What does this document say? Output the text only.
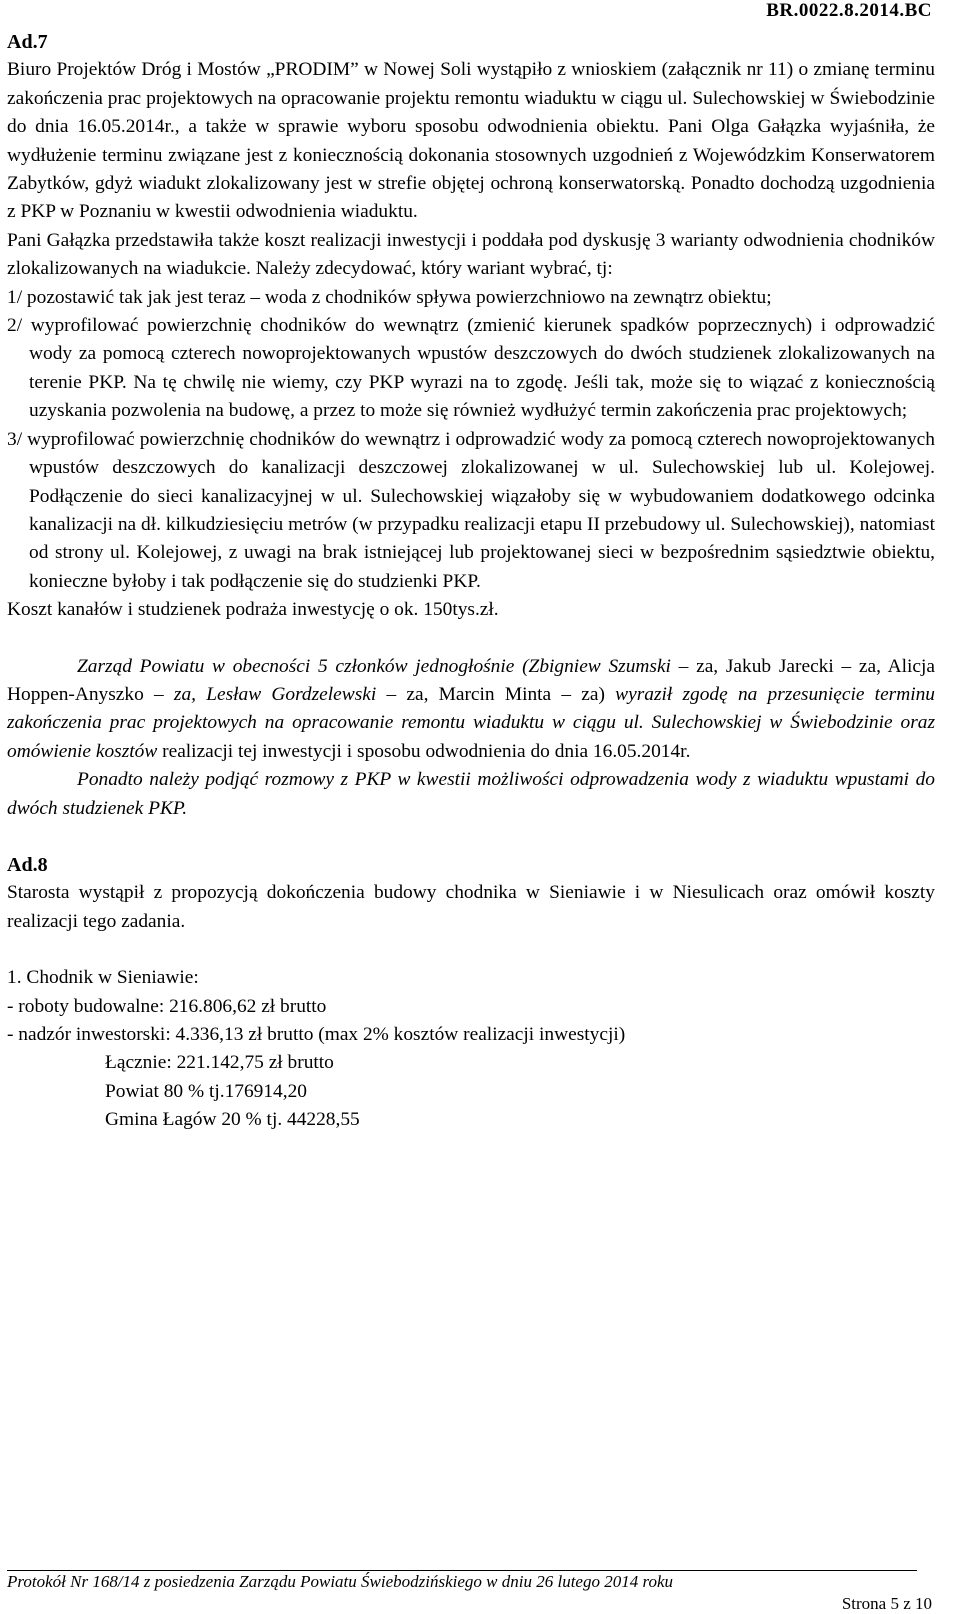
BR.0022.8.2014.BC
Ad.7

Biuro Projektów Dróg i Mostów „PRODIM” w Nowej Soli wystąpiło z wnioskiem (załącznik nr 11) o zmianę terminu zakończenia prac projektowych na opracowanie projektu remontu wiaduktu w ciągu ul. Sulechowskiej w Świebodzinie do dnia 16.05.2014r., a także w sprawie wyboru sposobu odwodnienia obiektu. Pani Olga Gałązka wyjaśniła, że wydłużenie terminu związane jest z koniecznością dokonania stosownych uzgodnień z Wojewódzkim Konserwatorem Zabytków, gdyż wiadukt zlokalizowany jest w strefie objętej ochroną konserwatorską. Ponadto dochodzą uzgodnienia z PKP w Poznaniu w kwestii odwodnienia wiaduktu.

Pani Gałązka przedstawiła także koszt realizacji inwestycji i poddała pod dyskusję 3 warianty odwodnienia chodników zlokalizowanych na wiadukcie. Należy zdecydować, który wariant wybrać, tj:

1/ pozostawić tak jak jest teraz – woda z chodników spływa powierzchniowo na zewnątrz obiektu;

2/ wyprofilować powierzchnię chodników do wewnątrz (zmienić kierunek spadków poprzecznych) i odprowadzić wody za pomocą czterech nowoprojektowanych wpustów deszczowych do dwóch studzienek zlokalizowanych na terenie PKP. Na tę chwilę nie wiemy, czy PKP wyrazi na to zgodę. Jeśli tak, może się to wiązać z koniecznością uzyskania pozwolenia na budowę, a przez to może się również wydłużyć termin zakończenia prac projektowych;

3/ wyprofilować powierzchnię chodników do wewnątrz i odprowadzić wody za pomocą czterech nowoprojektowanych wpustów deszczowych do kanalizacji deszczowej zlokalizowanej w ul. Sulechowskiej lub ul. Kolejowej. Podłączenie do sieci kanalizacyjnej w ul. Sulechowskiej wiązałoby się w wybudowaniem dodatkowego odcinka kanalizacji na dł. kilkudziesięciu metrów (w przypadku realizacji etapu II przebudowy ul. Sulechowskiej), natomiast od strony ul. Kolejowej, z uwagi na brak istniejącej lub projektowanej sieci w bezpośrednim sąsiedztwie obiektu, konieczne byłoby i tak podłączenie się do studzienki PKP.

Koszt kanałów i studzienek podraża inwestycję o ok. 150tys.zł.

Zarząd Powiatu w obecności 5 członków jednogłośnie (Zbigniew Szumski – za, Jakub Jarecki – za, Alicja Hoppen-Anyszko – za, Lesław Gordzelewski – za, Marcin Minta – za) wyraził zgodę na przesunięcie terminu zakończenia prac projektowych na opracowanie remontu wiaduktu w ciągu ul. Sulechowskiej w Świebodzinie oraz omówienie kosztów realizacji tej inwestycji i sposobu odwodnienia do dnia 16.05.2014r.

Ponadto należy podjąć rozmowy z PKP w kwestii możliwości odprowadzenia wody z wiaduktu wpustami do dwóch studzienek PKP.

Ad.8

Starosta wystąpił z propozycją dokończenia budowy chodnika w Sieniawie i w Niesulicach oraz omówił koszty realizacji tego zadania.

1. Chodnik w Sieniawie:

- roboty budowalne: 216.806,62 zł brutto

- nadzór inwestorski: 4.336,13 zł brutto (max 2% kosztów realizacji inwestycji)

Łącznie: 221.142,75 zł brutto

Powiat 80 % tj.176914,20

Gmina Łagów 20 % tj. 44228,55

Protokół Nr 168/14 z posiedzenia Zarządu Powiatu Świebodzińskiego w dniu 26 lutego 2014 roku
Strona 5 z 10
